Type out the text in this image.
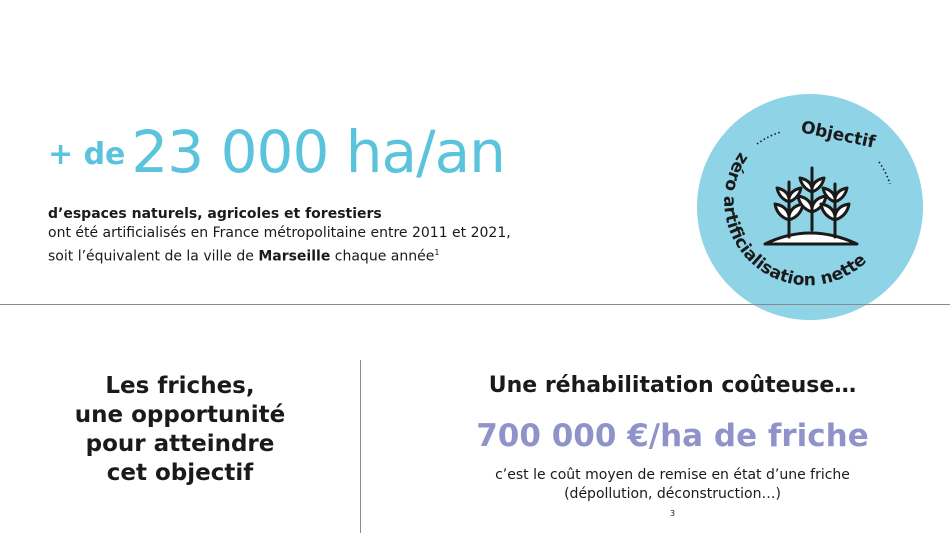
+ de 23 000 ha/an
d’espaces naturels, agricoles et forestiers
ont été artificialisés en France métropolitaine entre 2011 et 2021,
soit l’équivalent de la ville de Marseille chaque année$^1$
Objectif
zéro artificialisation nette
Les friches,
une opportunité
pour atteindre
cet objectif
Une réhabilitation coûteuse…
700 000 €/ha de friche
c’est le coût moyen de remise en état d’une friche
(dépollution, déconstruction…)
$^3$
